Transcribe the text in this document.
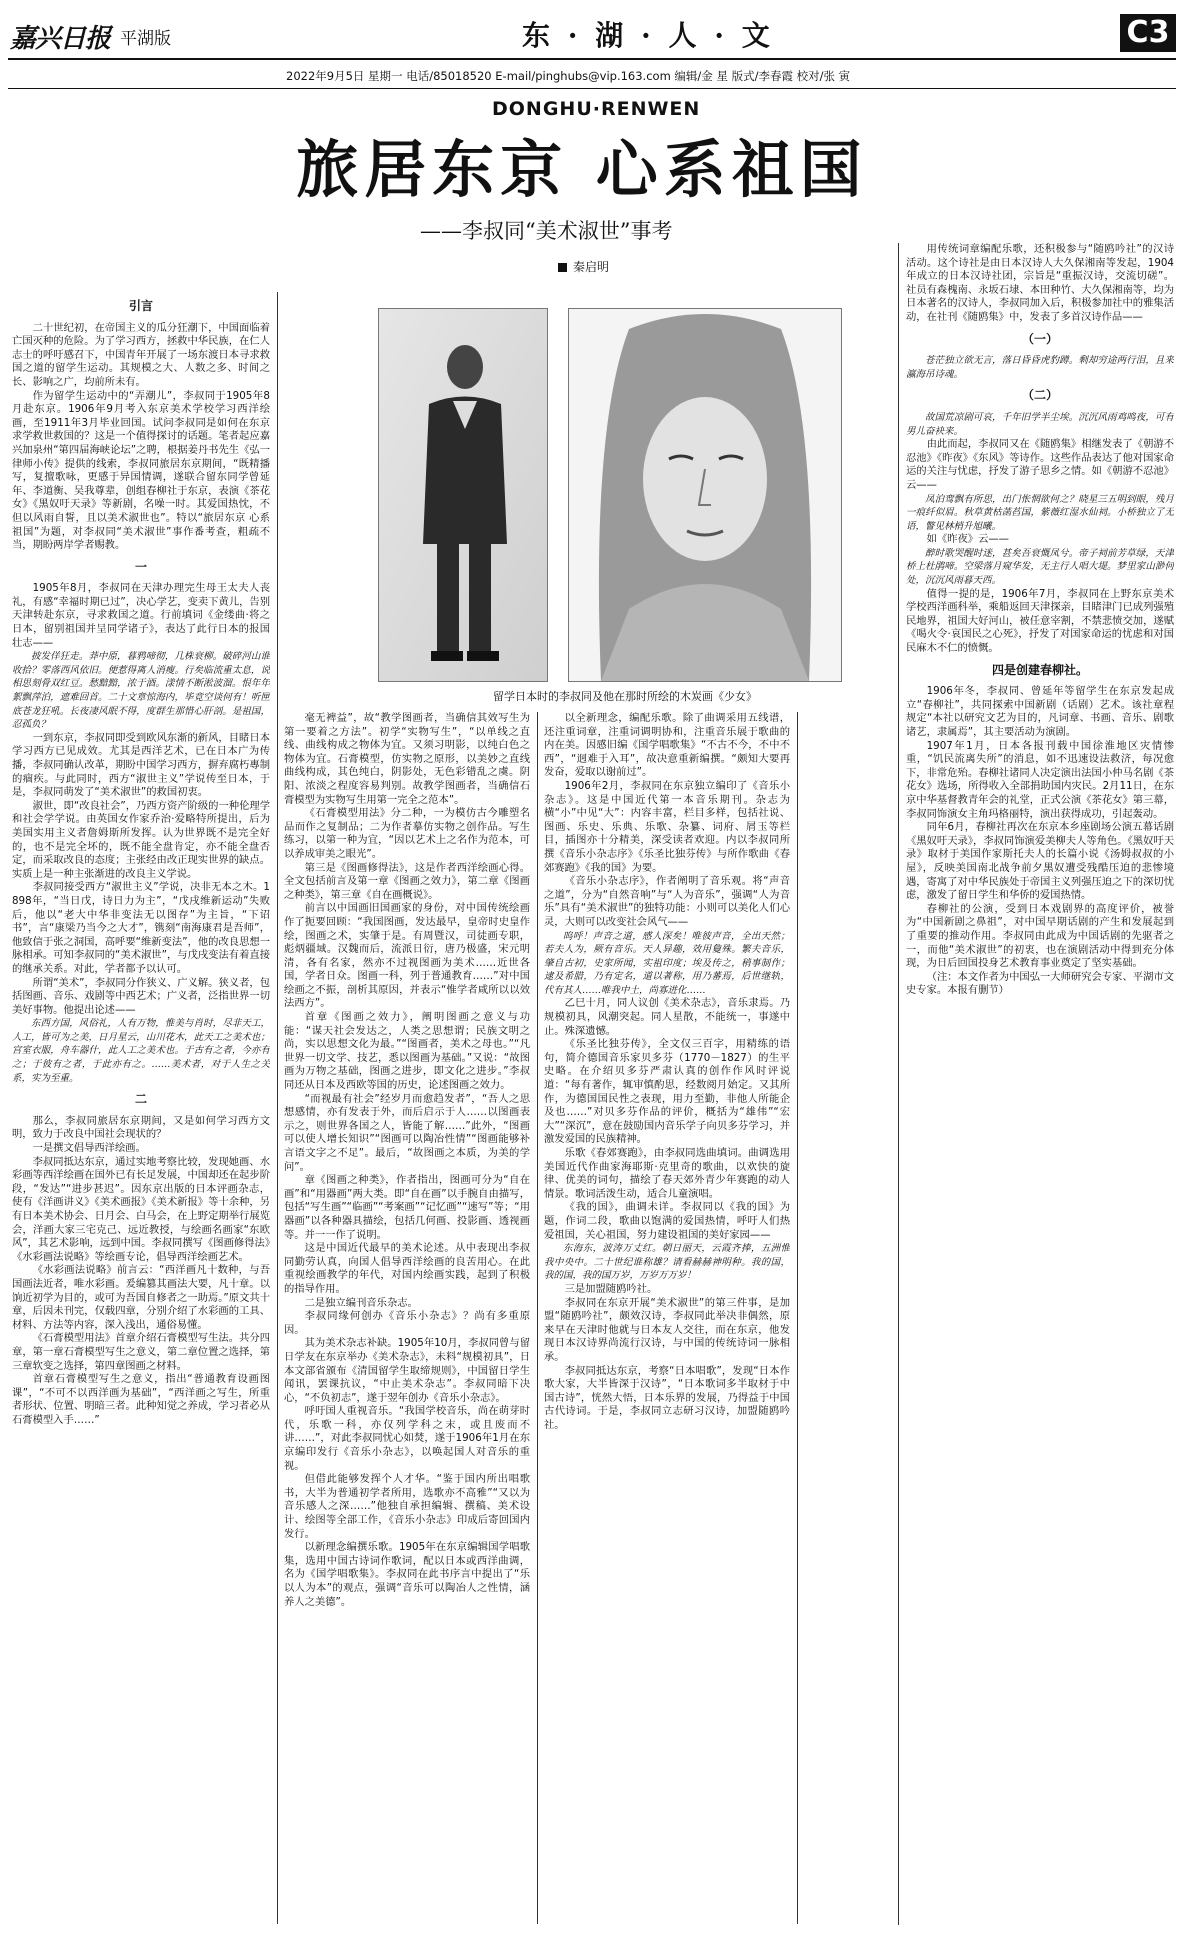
嘉兴日报 平湖版	东 · 湖 · 人 · 文	C3
2022年9月5日 星期一 电话/85018520 E-mail/pinghubs@vip.163.com 编辑/金 星 版式/李春霞 校对/张 寅
DONGHU·RENWEN
旅居东京 心系祖国
——李叔同“美术淑世”事考
秦启明
留学日本时的李叔同及他在那时所绘的木炭画《少女》

引言

二十世纪初，在帝国主义的瓜分狂潮下，中国面临着亡国灭种的危险。为了学习西方，拯救中华民族，在仁人志士的呼吁感召下，中国青年开展了一场东渡日本寻求救国之道的留学生运动。其规模之大、人数之多、时间之长、影响之广，均前所未有。

作为留学生运动中的“弄潮儿”，李叔同于1905年8月赴东京。1906年9月考入东京美术学校学习西洋绘画，至1911年3月毕业回国。试问李叔同是如何在东京求学救世救国的？这是一个值得探讨的话题。笔者起应嘉兴加泉州“第四届海峡论坛”之聘，根据姜丹书先生《弘一律师小传》提供的线索，李叔同旅居东京期间，“既精播写，复擅歌咏，更感于异国情调，遂联合留东同学曾延年、李道衡、吴我尊辈，创组春柳社于东京，表演《茶花女》《黑奴吁天录》等新剧，名噪一时。其爱国热忱，不但以风雨自誓，且以美术淑世也”。特以“旅居东京 心系祖国”为题，对李叔同“美术淑世”事作番考查，粗疏不当，期盼两岸学者赐教。

一

1905年8月，李叔同在天津办理完生母王太夫人丧礼，有感“幸福时期已过”，决心学艺，变卖下黄儿，告别天津转赴东京，寻求救国之道。行前填词《金缕曲·将之日本，留别祖国并呈同学诸子》，表达了此行日本的报国壮志——

披发佯狂走。莽中原，暮鸦啼彻，几株衰柳。破碎河山谁收拾？零落西风依旧。便惹得离人消瘦。行矣临流重太息，说相思刻骨双红豆。愁黯黯，浓于酒。漾情不断淞波溜。恨年年絮飘萍泊，遮难回首。二十文章惊海内，毕竟空谈何有！听匣底苍龙狂吼。长夜凄风眠不得，度群生那惜心肝剖。是祖国，忍孤负？

一到东京，李叔同即受到欧风东渐的新风，目睹日本学习西方已见成效。尤其是西洋艺术，已在日本广为传播，李叔同确认改革，期盼中国学习西方，摒弃腐朽專制的痼疾。与此同时，西方“淑世主义”学说传至日本，于是，李叔同萌发了“美术淑世”的救国初衷。

淑世，即“改良社会”，乃西方资产阶级的一种伦理学和社会学学说。由英国女作家乔治·爱略特所提出，后为美国实用主义者詹姆斯所发挥。认为世界既不是完全好的，也不是完全坏的，既不能全盘肯定，亦不能全盘否定，而采取改良的态度；主张经由改正现实世界的缺点。实质上是一种主张渐进的改良主义学说。

李叔同接受西方“淑世主义”学说，决非无本之木。1898年，“当日戊，诗日力为主”，“戊戌维新运动”失败后，他以“老大中华非变法无以图存”为主旨，“下诏书”，言“康梁乃当今之大才”，镌刻“南海康君是吾师”，他致信于张之洞国，高呼要“维新变法”，他的改良思想一脉相承。可知李叔同的“美术淑世”，与戊戌变法有着直接的继承关系。对此，学者都予以认可。

所谓“美术”，李叔同分作狭义、广义解。狭义者，包括图画、音乐、戏剧等中西艺术；广义者，泛指世界一切美好事物。他提出论述——

东西方国，风俗礼，人有万物，惟美与肖时，尽非天工，人工，皆可为之美，日月星云，山川花木，此天工之美术也；宫室衣服，舟车器什，此人工之美术也。于古有之者，今亦有之；于彼有之者，于此亦有之。……美术者，对于人生之关系，实为至重。

二

那么，李叔同旅居东京期间，又是如何学习西方文明，致力于改良中国社会现状的？

一是撰文倡导西洋绘画。

李叔同抵达东京，通过实地考察比较，发现她画、水彩画等西洋绘画在国外已有长足发展，中国却还在起步阶段，“发达”“进步甚迟”。因东京出版的日本评画杂志，使有《洋画讲义》《美术画报》《美术新报》等十余种，另有日本美术协会、日月会、白马会，在上野定期举行展览会，洋画大家三宅克己、远近教授，与绘画名画家“东欧风”，其艺术影响，远到中国。李叔同撰写《图画修得法》《水彩画法说略》等绘画专论，倡导西洋绘画艺术。

《水彩画法说略》前言云：“西洋画凡十数种，与吾国画法近者，唯水彩画。爰编篡其画法大要，凡十章。以饷近初学为目的，或可为吾国自修者之一助焉。”原文共十章，后因未刊完，仅载四章，分别介绍了水彩画的工具、材料、方法等内容，深入浅出，通俗易懂。

《石膏模型用法》首章介绍石膏模型写生法。共分四章，第一章石膏模型写生之意义，第二章位置之选择，第三章软变之选择，第四章图画之材料。

首章石膏模型写生之意义，指出“普通教育设画图课”，“不可不以西洋画为基础”，“西洋画之写生，所重者形状、位置、明暗三者。此种知觉之养成，学习者必从石膏模型入手……”

毫无裨益”，故“教学图画者，当确信其效写生为第一要着之方法”。初学“实物写生”，“以单线之直线、曲线构成之物体为宜。又须习明影，以纯白色之物体为宜。石膏模型，仿实物之原形，以美妙之直线曲线构成，其色纯白，阴影处，无色彩错乱之虞。阴阳、浓淡之程度容易判别。故教学图画者，当确信石膏模型为实物写生用第一完全之范本”。

《石膏模型用法》分二种，一为模仿古今雕塑名品而作之复制品；二为作者摹仿实物之创作品。写生练习，以第一种为宜，“因以艺术上之名作为范本，可以养成审美之眼光”。

第三是《图画修得法》，这是作者西洋绘画心得。全文包括前言及第一章《图画之效力》，第二章《图画之种类》，第三章《自在画概说》。

前言以中国画旧国画家的身份，对中国传统绘画作了扼要回顾：“我国图画，发达最早，皇帝时史皇作绘，图画之术，实肇于是。有周暨汉，司徒画专职，彪炳疆域。汉魏而后，流派日衍，唐乃极盛，宋元明清，各有名家，然亦不过视图画为美术……近世各国，学者日众。图画一科，列于普通教育……”对中国绘画之不振，剖析其原因，并表示“惟学者咸所以以效法西方”。

首章《图画之效力》，阐明图画之意义与功能：“谋天社会发达之，人类之思想谓；民族文明之尚，实以思想文化为最。”“图画者，美术之母也。”“凡世界一切文学、技艺，悉以图画为基础。”又说：“故图画为万物之基础，图画之进步，即文化之进步。”李叔同还从日本及西欧等国的历史，论述图画之效力。

“而视最有社会”经岁月而愈趋发者”，“吾人之思想感情，亦有发表于外，而后启示于人……以图画表示之，则世界各国之人，皆能了解……”此外，“图画可以使人增长知识”“图画可以陶冶性情”“图画能够补言语文字之不足”。最后，“故图画之本质，为美的学问”。

章《图画之种类》，作者指出，图画可分为“自在画”和“用器画”两大类。即“自在画”以手腕自由描写，包括“写生画”“临画”“考案画”“记忆画”“速写”等；“用器画”以各种器具描绘，包括几何画、投影画、透视画等。并一一作了说明。

这是中国近代最早的美术论述。从中表现出李叔同勤劳认真，向国人倡导西洋绘画的良苦用心。在此重视绘画教学的年代，对国内绘画实践，起到了积极的指导作用。

二是独立编刊音乐杂志。

李叔同缘何创办《音乐小杂志》？尚有多重原因。

其为美术杂志补缺。1905年10月，李叔同曾与留日学友在东京举办《美术杂志》，未料“规模初具”，日本文部省颁布《清国留学生取缔规则》，中国留日学生闻讯，罢课抗议，“中止美术杂志”。李叔同暗下决心，“不负初志”，遂于翌年创办《音乐小杂志》。

呼吁国人重视音乐。“我国学校音乐，尚在萌芽时代，乐歌一科，亦仅列学科之末，或且废而不讲……”，对此李叔同忧心如焚，遂于1906年1月在东京编印发行《音乐小杂志》，以唤起国人对音乐的重视。

但借此能够发挥个人才华。“鉴于国内所出唱歌书，大半为普通初学者所用，选歌亦不高雅”“又以为音乐感人之深……”他独自承担编辑、撰稿、美术设计、绘图等全部工作，《音乐小杂志》印成后寄回国内发行。

以新理念编撰乐歌。1905年在东京编辑国学唱歌集，选用中国古诗词作歌词，配以日本或西洋曲调，名为《国学唱歌集》。李叔同在此书序言中提出了“乐以人为本”的观点，强调“音乐可以陶冶人之性情，涵养人之美德”。

以全新理念，编配乐歌。除了曲调采用五线谱，还注重词章，注重词调明协和，注重音乐展于歌曲的内在美。因感旧编《国学唱歌集》“不古不今，不中不西”，“迥难于入耳”，故决意重新编撰。“颇知大要再发奋，爱取以谢前过”。

1906年2月，李叔同在东京独立编印了《音乐小杂志》。这是中国近代第一本音乐期刊。杂志为横“小”中见“大”：内容丰富，栏目多样，包括社说、图画、乐史、乐典、乐歌、杂纂、词府、屑玉等栏目，插图亦十分精美，深受读者欢迎。内以李叔同所撰《音乐小杂志序》《乐圣比独芬传》与所作歌曲《春郊赛跑》《我的国》为要。

《音乐小杂志序》，作者阐明了音乐观。将“声音之道”，分为“自然音响”与“人为音乐”，强调“人为音乐”具有“美术淑世”的独特功能：小则可以美化人们心灵，大则可以改变社会风气——

呜呼！声音之道，感人深矣！唯彼声音，全出天然；若夫人为，厥有音乐。天人异趣，效用敻殊。繁夫音乐，肇自古初，史家所闻，实祖印度；埃及传之，稍事制作；逮及希腊，乃有定名，道以著称，用乃蕃焉，后世继轨，代有其人……唯我中土，尚寡进化……

乙巳十月，同人议创《美术杂志》，音乐隶焉。乃规模初具，风潮突起。同人星散，不能统一，事遂中止。殊深遗憾。

《乐圣比独芬传》，全文仅三百字，用精练的语句，简介德国音乐家贝多芬（1770－1827）的生平史略。在介绍贝多芬严肃认真的创作作风时评说道：“每有著作，辄审慎酌思，经数阅月始定。又其所作，为德国国民性之表现，用力至勤，非他人所能企及也……”对贝多芬作品的评价，概括为“雄伟”“宏大”“深沉”，意在鼓励国内音乐学子向贝多芬学习，并激发爱国的民族精神。

乐歌《春郊赛跑》，由李叔同选曲填词。曲调选用美国近代作曲家海耶斯·克里奇的歌曲，以欢快的旋律、优美的词句，描绘了春天郊外青少年赛跑的动人情景。歌词活泼生动，适合儿童演唱。

《我的国》，曲调未详。李叔同以《我的国》为题，作词二段，歌曲以饱满的爱国热情，呼吁人们热爱祖国，关心祖国，努力建设祖国的美好家园——

东海东，波涛万丈红。朝日丽天，云霞齐捧，五洲惟我中央中。二十世纪谁称雄？请看赫赫神明种。我的国，我的国，我的国万岁，万岁万万岁！

三是加盟随鸥吟社。

李叔同在东京开展“美术淑世”的第三件事，是加盟“随鸥吟社”，颇效汉诗，李叔同此举决非偶然，原来早在天津时他就与日本友人交往，而在东京，他发现日本汉诗界尚流行汉诗，与中国的传统诗词一脉相承。

李叔同抵达东京，考察“日本唱歌”，发现“日本作歌大家，大半皆深于汉诗”，“日本歌词多半取材于中国古诗”，恍然大悟，日本乐界的发展，乃得益于中国古代诗词。于是，李叔同立志研习汉诗，加盟随鸥吟社。

用传统词章编配乐歌，还积极参与“随鸥吟社”的汉诗活动。这个诗社是由日本汉诗人大久保湘南等发起，1904年成立的日本汉诗社团，宗旨是“重振汉诗，交流切磋”。社员有森槐南、永坂石埭、本田种竹、大久保湘南等，均为日本著名的汉诗人，李叔同加入后，积极参加社中的雅集活动，在社刊《随鸥集》中，发表了多首汉诗作品——

（一）

苍茫独立欲无言，落日昏昏虎豹蹲。剩却穷途两行泪，且来瀛海吊诗魂。

（二）

故国荒凉剧可哀，千年旧学半尘埃。沉沉风雨鸡鸣夜，可有男儿奋袂来。

由此而起，李叔同又在《随鸥集》相继发表了《朝游不忍池》《昨夜》《东风》等诗作。这些作品表达了他对国家命运的关注与忧虑，抒发了游子思乡之情。如《朝游不忍池》云——

凤泊鸾飘有所思，出门怅惘欲何之？晓星三五明到眼，残月一痕纤似眉。秋草黄枯菡萏国，紫薇红湿水仙祠。小桥独立了无语，瞥见林梢升旭曦。

如《昨夜》云——

醉时歌哭醒时迷，甚矣吾衰慨凤兮。帝子祠前芳草绿，天津桥上杜鹃啼。空梁落月窥华发，无主行人唱大堤。梦里家山渺何处，沉沉风雨暮天西。

值得一提的是，1906年7月，李叔同在上野东京美术学校西洋画科举，乘船返回天津探亲，目睹津门已成列强殖民地界，祖国大好河山，被任意宰割，不禁悲愤交加，遂赋《喝火令·哀国民之心死》，抒发了对国家命运的忧虑和对国民麻木不仁的愤慨。

四是创建春柳社。

1906年冬，李叔同、曾延年等留学生在东京发起成立“春柳社”，共同探索中国新剧（话剧）艺术。该社章程规定“本社以研究文艺为目的，凡词章、书画、音乐、剧歌诸艺，隶属焉”，其主要活动为演剧。

1907年1月，日本各报刊载中国徐淮地区灾情惨重，“饥民流离失所”的消息，如不迅速设法救济，每况愈下，非常危殆。春柳社诸同人决定演出法国小仲马名剧《茶花女》选场，所得收入全部捐助国内灾民。2月11日，在东京中华基督教青年会的礼堂，正式公演《茶花女》第三幕，李叔同饰演女主角玛格丽特，演出获得成功，引起轰动。

同年6月，春柳社再次在东京本乡座剧场公演五幕话剧《黑奴吁天录》，李叔同饰演爱美柳夫人等角色。《黑奴吁天录》取材于美国作家斯托夫人的长篇小说《汤姆叔叔的小屋》，反映美国南北战争前夕黑奴遭受残酷压迫的悲惨境遇，寄寓了对中华民族处于帝国主义列强压迫之下的深切忧虑，激发了留日学生和华侨的爱国热情。

春柳社的公演，受到日本戏剧界的高度评价，被誉为“中国新剧之鼻祖”，对中国早期话剧的产生和发展起到了重要的推动作用。李叔同由此成为中国话剧的先驱者之一，而他“美术淑世”的初衷，也在演剧活动中得到充分体现，为日后回国投身艺术教育事业奠定了坚实基础。

（注：本文作者为中国弘一大师研究会专家、平湖市文史专家。本报有删节）
